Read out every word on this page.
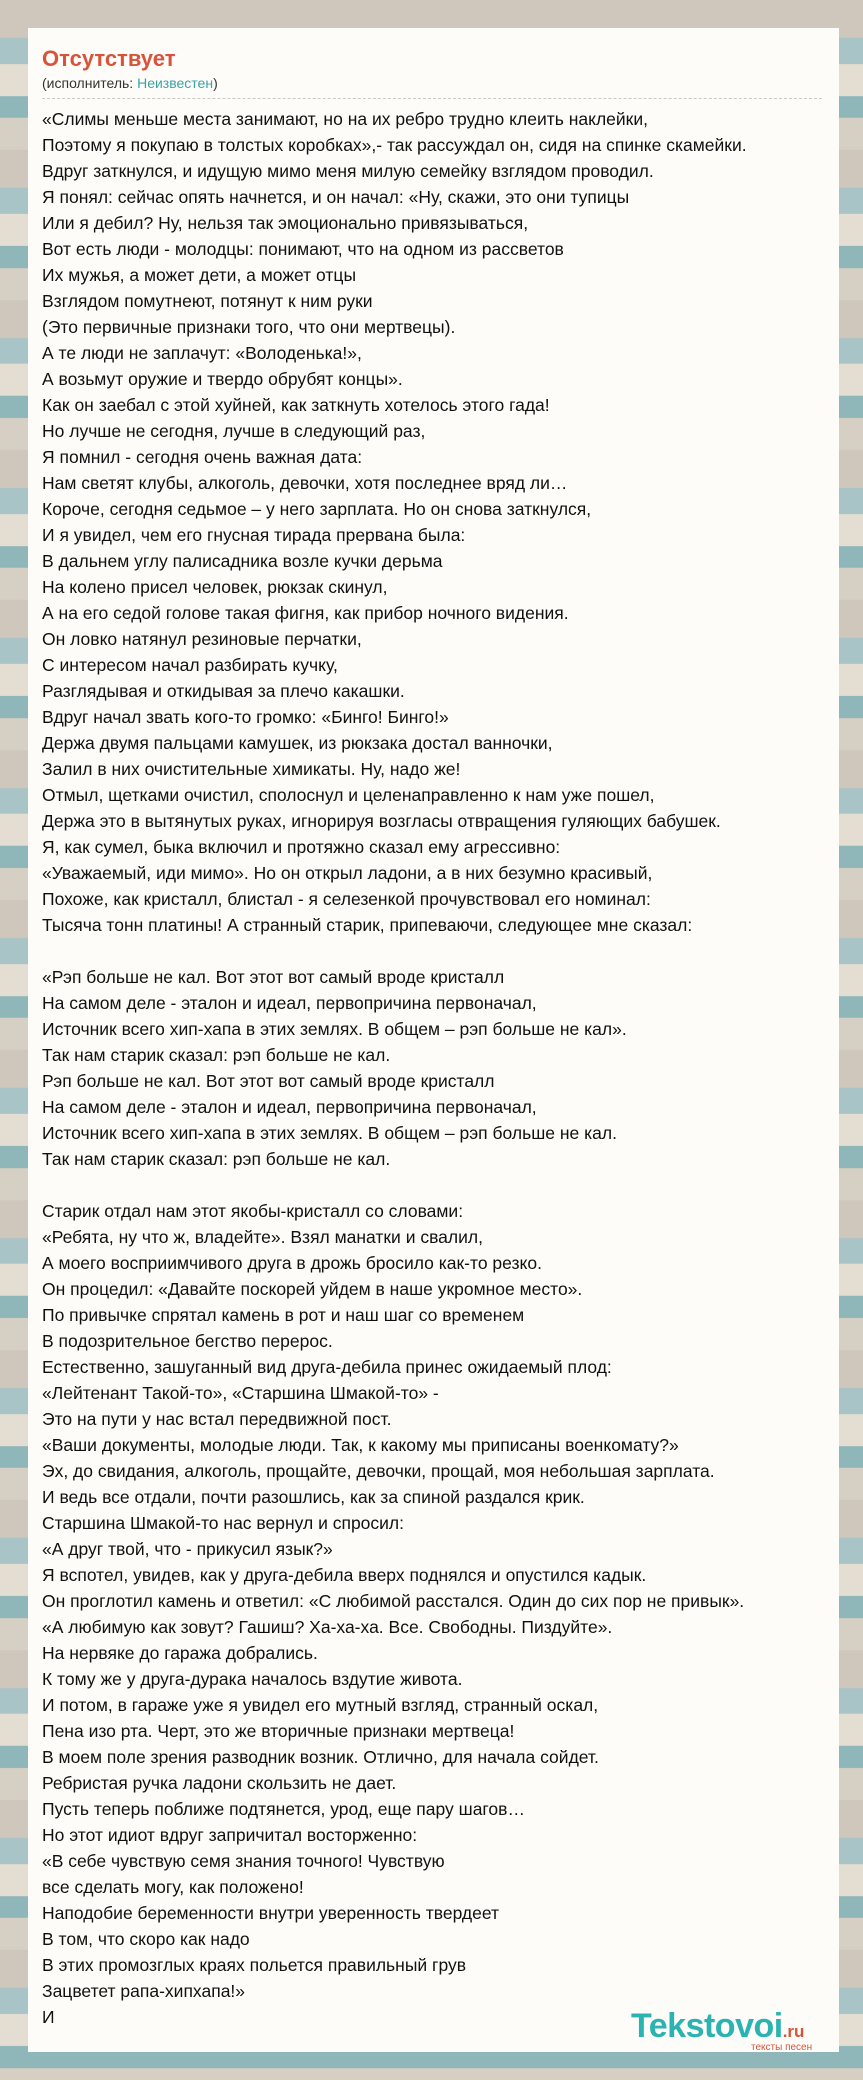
Отсутствует
(исполнитель: Неизвестен)
«Слимы меньше места занимают, но на их ребро трудно клеить наклейки,
Поэтому я покупаю в толстых коробках»,- так рассуждал он, сидя на спинке скамейки.
Вдруг заткнулся, и идущую мимо меня милую семейку взглядом проводил.
Я понял: сейчас опять начнется, и он начал: «Ну, скажи, это они тупицы
Или я дебил? Ну, нельзя так эмоционально привязываться,
Вот есть люди - молодцы: понимают, что на одном из рассветов
Их мужья, а может дети, а может отцы
Взглядом помутнеют, потянут к ним руки
(Это первичные признаки того, что они мертвецы).
А те люди не заплачут: «Володенька!»,
А возьмут оружие и твердо обрубят концы».
Как он заебал с этой хуйней, как заткнуть хотелось этого гада!
Но лучше не сегодня, лучше в следующий раз,
Я помнил - сегодня очень важная дата:
Нам светят клубы, алкоголь, девочки, хотя последнее вряд ли…
Короче, сегодня седьмое – у него зарплата. Но он снова заткнулся,
И я увидел, чем его гнусная тирада прервана была:
В дальнем углу палисадника возле кучки дерьма
На колено присел человек, рюкзак скинул,
А на его седой голове такая фигня, как прибор ночного видения.
Он ловко натянул резиновые перчатки,
С интересом начал разбирать кучку,
Разглядывая и откидывая за плечо какашки.
Вдруг начал звать кого-то громко: «Бинго! Бинго!»
Держа двумя пальцами камушек, из рюкзака достал ванночки,
Залил в них очистительные химикаты. Ну, надо же!
Отмыл, щетками очистил, сполоснул и целенаправленно к нам уже пошел,
Держа это в вытянутых руках, игнорируя возгласы отвращения гуляющих бабушек.
Я, как сумел, быка включил и протяжно сказал ему агрессивно:
«Уважаемый, иди мимо». Но он открыл ладони, а в них безумно красивый,
Похоже, как кристалл, блистал - я селезенкой прочувствовал его номинал:
Тысяча тонн платины! А странный старик, припеваючи, следующее мне сказал:
«Рэп больше не кал. Вот этот вот самый вроде кристалл
На самом деле - эталон и идеал, первопричина первоначал,
Источник всего хип-хапа в этих землях. В общем – рэп больше не кал».
Так нам старик сказал: рэп больше не кал.
Рэп больше не кал. Вот этот вот самый вроде кристалл
На самом деле - эталон и идеал, первопричина первоначал,
Источник всего хип-хапа в этих землях. В общем – рэп больше не кал.
Так нам старик сказал: рэп больше не кал.
Старик отдал нам этот якобы-кристалл со словами:
«Ребята, ну что ж, владейте». Взял манатки и свалил,
А моего восприимчивого друга в дрожь бросило как-то резко.
Он процедил: «Давайте поскорей уйдем в наше укромное место».
По привычке спрятал камень в рот и наш шаг со временем
В подозрительное бегство перерос.
Естественно, зашуганный вид друга-дебила принес ожидаемый плод:
«Лейтенант Такой-то», «Старшина Шмакой-то» -
Это на пути у нас встал передвижной пост.
«Ваши документы, молодые люди. Так, к какому мы приписаны военкомату?»
Эх, до свидания, алкоголь, прощайте, девочки, прощай, моя небольшая зарплата.
И ведь все отдали, почти разошлись, как за спиной раздался крик.
Старшина Шмакой-то нас вернул и спросил:
«А друг твой, что - прикусил язык?»
Я вспотел, увидев, как у друга-дебила вверх поднялся и опустился кадык.
Он проглотил камень и ответил: «С любимой расстался. Один до сих пор не привык».
«А любимую как зовут? Гашиш? Ха-ха-ха. Все. Свободны. Пиздуйте».
На нервяке до гаража добрались.
К тому же у друга-дурака началось вздутие живота.
И потом, в гараже уже я увидел его мутный взгляд, странный оскал,
Пена изо рта. Черт, это же вторичные признаки мертвеца!
В моем поле зрения разводник возник. Отлично, для начала сойдет.
Ребристая ручка ладони скользить не дает.
Пусть теперь поближе подтянется, урод, еще пару шагов…
Но этот идиот вдруг запричитал восторженно:
«В себе чувствую семя знания точного! Чувствую
все сделать могу, как положено!
Наподобие беременности внутри уверенность твердеет
В том, что скоро как надо
В этих промозглых краях польется правильный грув
Зацветет рапа-хипхапа!»
И	Tekstovoi.ru
тексты песен
